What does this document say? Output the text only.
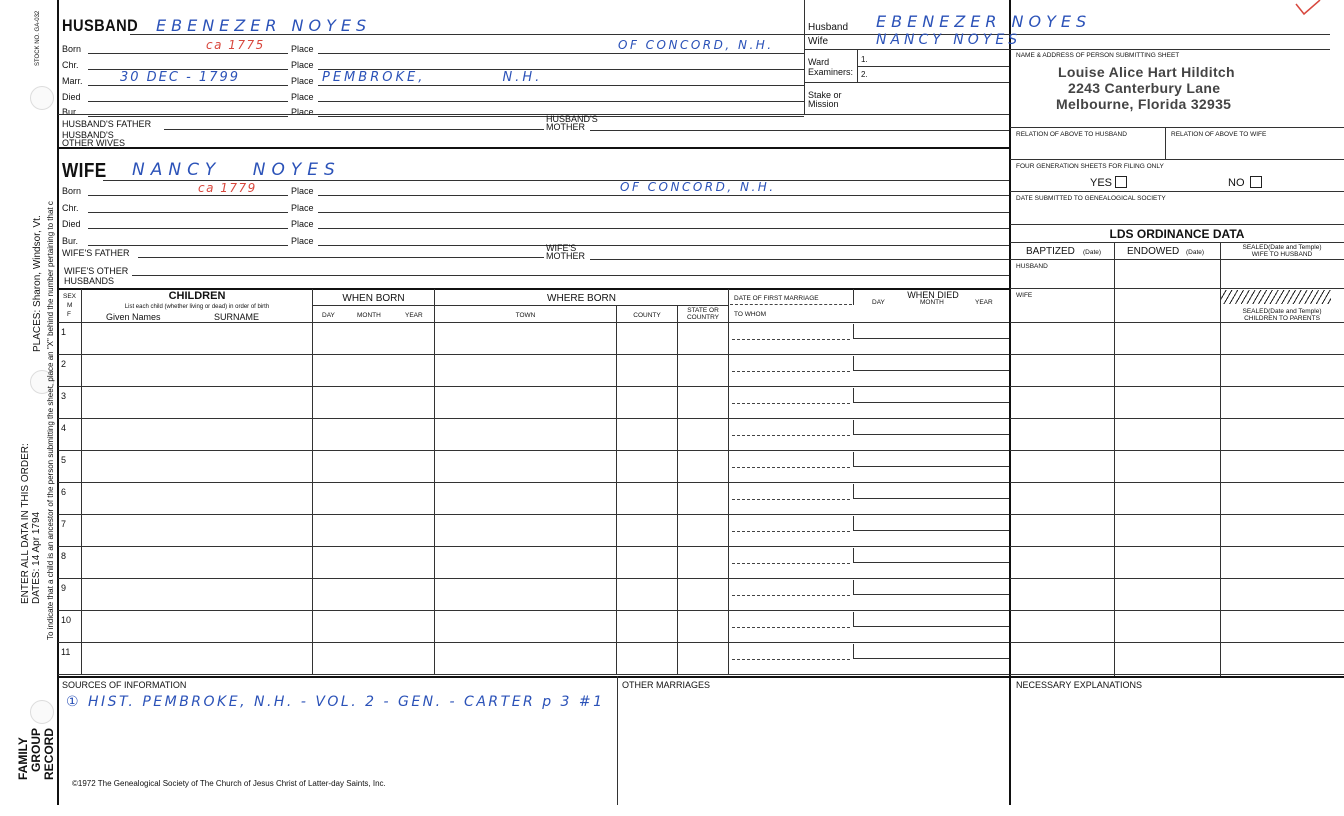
STOCK NO. GA-032
PLACES: Sharon, Windsor, Vt. To indicate that a child is an ancestor of the person submitting the sheet, place an "X" behind the number pertaining to that c
ENTER ALL DATA IN THIS ORDER: DATES: 14 Apr 1794
FAMILY GROUP RECORD
HUSBAND EBENEZER NOYES
Born	ca 1775	Place	OF CONCORD, N.H.
Chr.	Place
Marr.	30 DEC - 1799	Place PEMBROKE, N.H.
Died	Place
Bur.	Place
HUSBAND'S FATHER	HUSBAND'S
MOTHER
HUSBAND'S
OTHER WIVES
Husband EBENEZER NOYES
Wife	NANCY NOYES
Ward
Examiners:
1.
2.
Stake or
Mission
WIFE NANCY NOYES
Born	ca 1779	Place	OF CONCORD, N.H.
Chr.	Place
Died	Place
Bur.	Place
WIFE'S FATHER	WIFE'S
MOTHER
WIFE'S OTHER
HUSBANDS
NAME & ADDRESS OF PERSON SUBMITTING SHEET
Louise Alice Hart Hilditch
2243 Canterbury Lane
Melbourne, Florida 32935
RELATION OF ABOVE TO HUSBAND	RELATION OF ABOVE TO WIFE
FOUR GENERATION SHEETS FOR FILING ONLY
YES	NO
DATE SUBMITTED TO GENEALOGICAL SOCIETY
LDS ORDINANCE DATA
BAPTIZED (Date)	ENDOWED (Date)
SEALED(Date and Temple)
WIFE TO HUSBAND
HUSBAND
WIFE
SEALED(Date and Temple)
CHILDREN TO PARENTS
SEX
M
F
CHILDREN
List each child (whether living or dead) in order of birth
Given Names	SURNAME
WHEN BORN
DAY	MONTH	YEAR
WHERE BORN
TOWN	COUNTY
STATE OR
COUNTRY
DATE OF FIRST MARRIAGE
TO WHOM
WHEN DIED
DAY	MONTH	YEAR
1
2
3
4
5
6
7
8
9
10
11
SOURCES OF INFORMATION
① HIST. PEMBROKE, N.H. - VOL. 2 - GEN. - CARTER p 3 #1
OTHER MARRIAGES	NECESSARY EXPLANATIONS
©1972 The Genealogical Society of The Church of Jesus Christ of Latter-day Saints, Inc.
